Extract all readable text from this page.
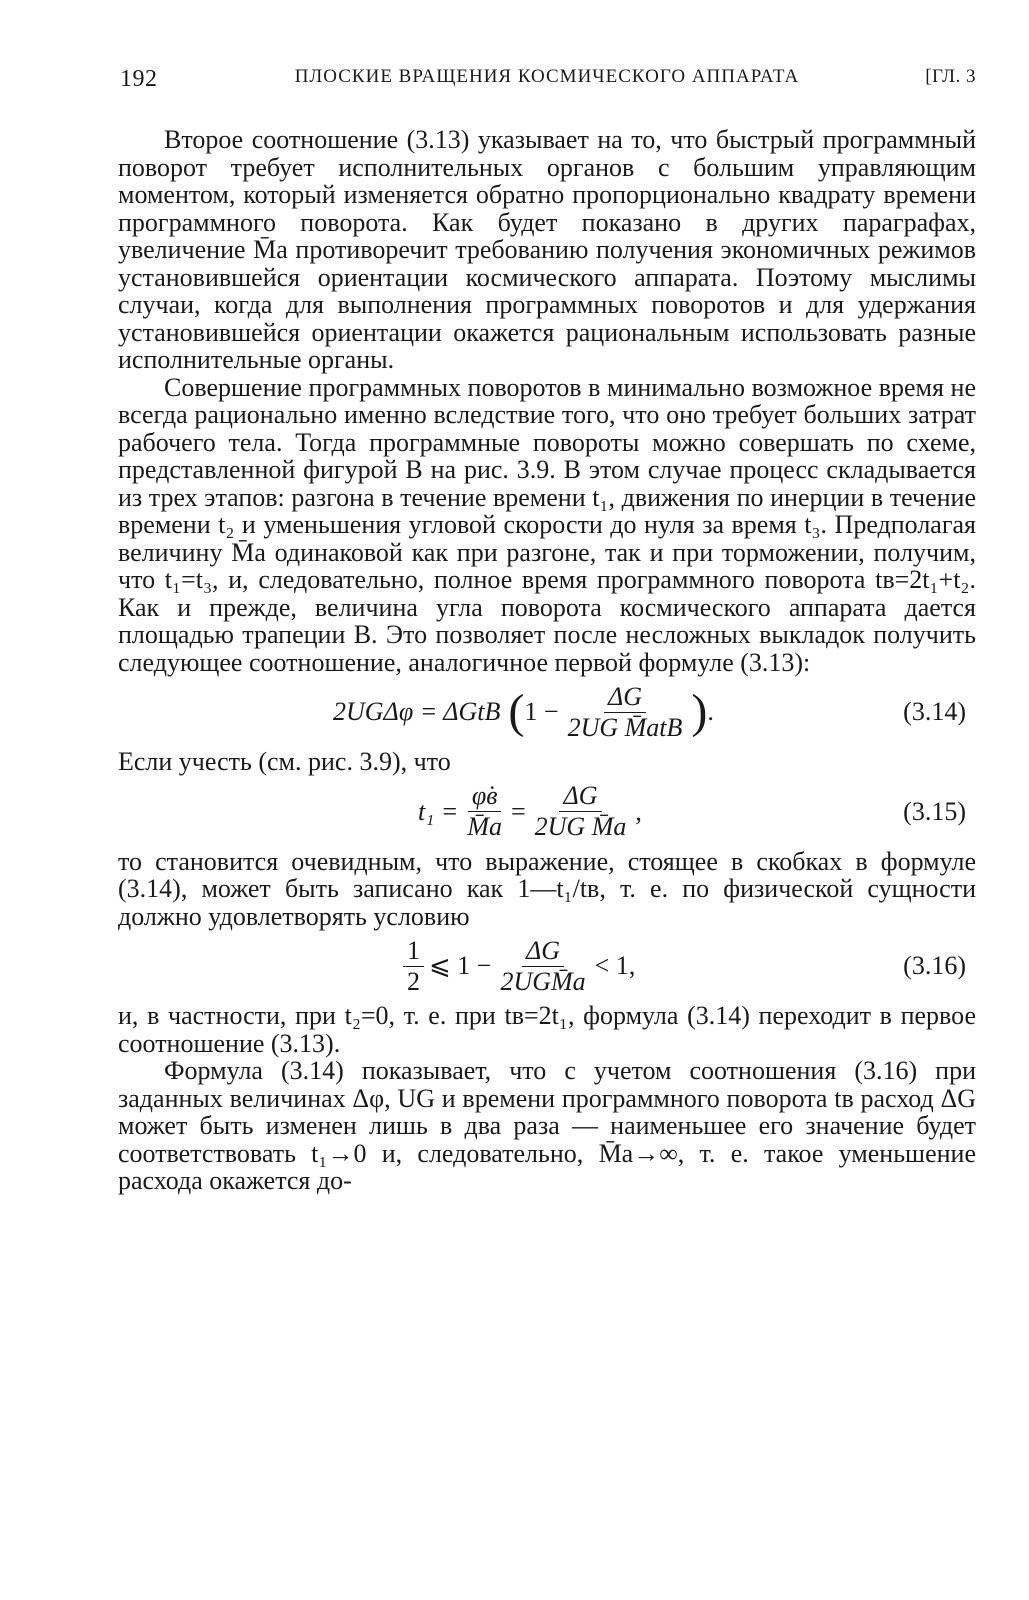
192	ПЛОСКИЕ ВРАЩЕНИЯ КОСМИЧЕСКОГО АППАРАТА	[ГЛ. 3

Второе соотношение (3.13) указывает на то, что быстрый программный поворот требует исполнительных органов с большим управляющим моментом, который изменяется обратно пропорционально квадрату времени программного поворота. Как будет показано в других параграфах, увеличение M̄а противоречит требованию получения экономичных режимов установившейся ориентации космического аппарата. Поэтому мыслимы случаи, когда для выполнения программных поворотов и для удержания установившейся ориентации окажется рациональным использовать разные исполнительные органы.

Совершение программных поворотов в минимально возможное время не всегда рационально именно вследствие того, что оно требует больших затрат рабочего тела. Тогда программные повороты можно совершать по схеме, представленной фигурой B на рис. 3.9. В этом случае процесс складывается из трех этапов: разгона в течение времени t₁, движения по инерции в течение времени t₂ и уменьшения угловой скорости до нуля за время t₃. Предполагая величину M̄а одинаковой как при разгоне, так и при торможении, получим, что t₁=t₃, и, следовательно, полное время программного поворота tв=2t₁+t₂. Как и прежде, величина угла поворота космического аппарата дается площадью трапеции B. Это позволяет после несложных выкладок получить следующее соотношение, аналогичное первой формуле (3.13):

2UGΔφ = ΔGtB ( $1 - \frac{\Delta G}{\text{2UG M̄аtB}}$ ) .	(3.14)

Если учесть (см. рис. 3.9), что

$t_1 = \frac{\varphi̇в}{M̄а} = \frac{\Delta G}{\text{2UG M̄а}}$ ,	(3.15)

то становится очевидным, что выражение, стоящее в скобках в формуле (3.14), может быть записано как 1—t₁/tв, т. е. по физической сущности должно удовлетворять условию

$\frac{1}{2}$ ⩽ $1 - \frac{\Delta G}{\text{2UGM̄а}} < 1$,	(3.16)

и, в частности, при t₂=0, т. е. при tв=2t₁, формула (3.14) переходит в первое соотношение (3.13).

Формула (3.14) показывает, что с учетом соотношения (3.16) при заданных величинах Δφ, UG и времени программного поворота tв расход ΔG может быть изменен лишь в два раза — наименьшее его значение будет соответствовать t₁→0 и, следовательно, M̄а→∞, т. е. такое уменьшение расхода окажется до-
